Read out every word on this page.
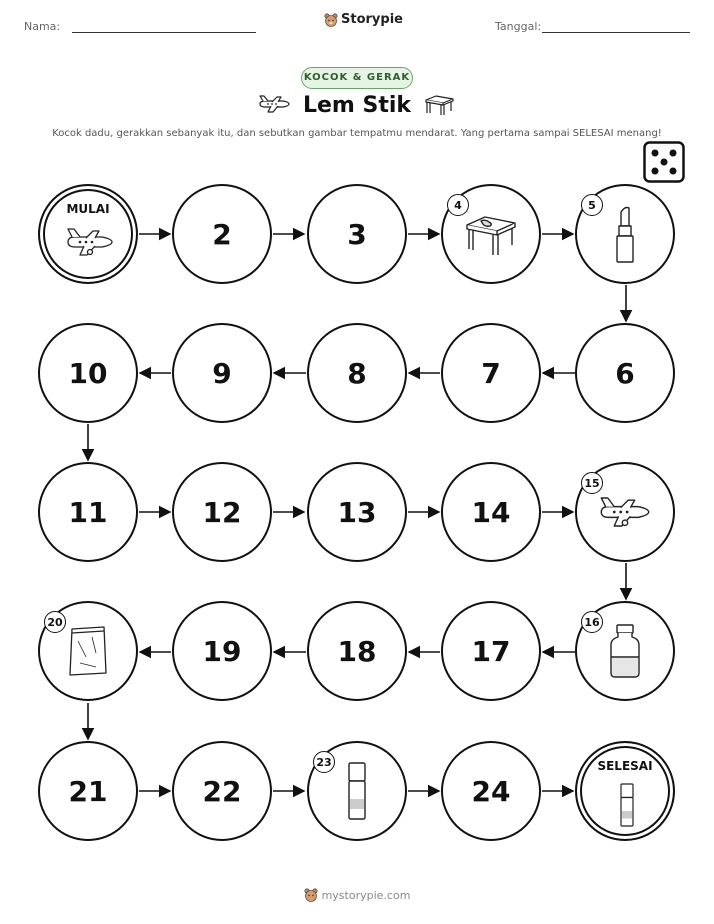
Nama:	Storypie	Tanggal:
KOCOK & GERAK
Lem Stik
Kocok dadu, gerakkan sebanyak itu, dan sebutkan gambar tempatmu mendarat. Yang pertama sampai SELESAI menang!
MULAI
2	3
4	5
10	9	8	7	6
11	12	13	14
15
20
19	18	17
16
21	22
23
24
SELESAI
mystorypie.com
